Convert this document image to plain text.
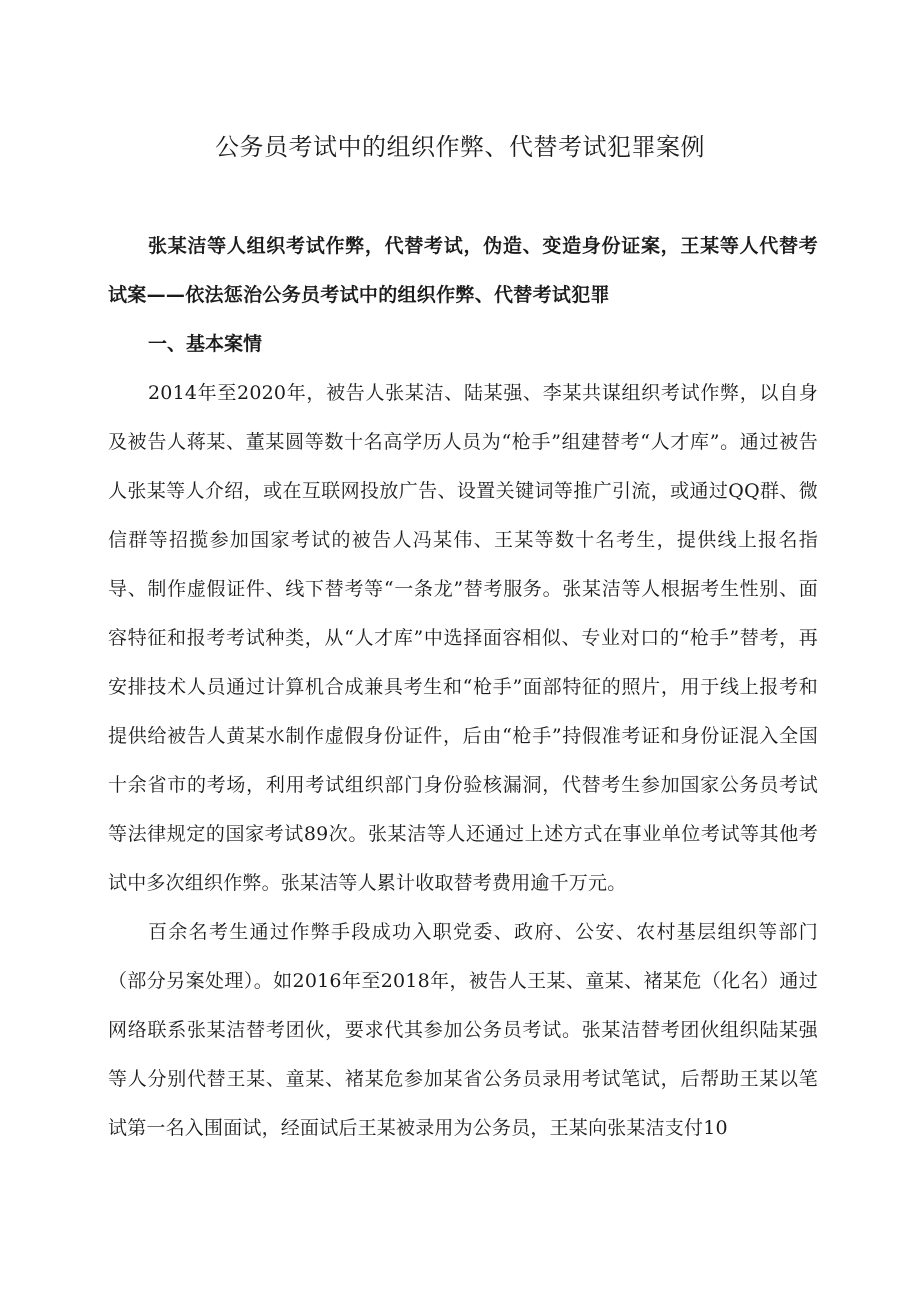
公务员考试中的组织作弊、代替考试犯罪案例

张某洁等人组织考试作弊，代替考试，伪造、变造身份证案，王某等人代替考试案——依法惩治公务员考试中的组织作弊、代替考试犯罪

一、基本案情

2014年至2020年，被告人张某洁、陆某强、李某共谋组织考试作弊，以自身及被告人蒋某、董某圆等数十名高学历人员为“枪手”组建替考“人才库”。通过被告人张某等人介绍，或在互联网投放广告、设置关键词等推广引流，或通过QQ群、微信群等招揽参加国家考试的被告人冯某伟、王某等数十名考生，提供线上报名指导、制作虚假证件、线下替考等“一条龙”替考服务。张某洁等人根据考生性别、面容特征和报考考试种类，从“人才库”中选择面容相似、专业对口的“枪手”替考，再安排技术人员通过计算机合成兼具考生和“枪手”面部特征的照片，用于线上报考和提供给被告人黄某水制作虚假身份证件，后由“枪手”持假准考证和身份证混入全国十余省市的考场，利用考试组织部门身份验核漏洞，代替考生参加国家公务员考试等法律规定的国家考试89次。张某洁等人还通过上述方式在事业单位考试等其他考试中多次组织作弊。张某洁等人累计收取替考费用逾千万元。

百余名考生通过作弊手段成功入职党委、政府、公安、农村基层组织等部门（部分另案处理）。如2016年至2018年，被告人王某、童某、褚某危（化名）通过网络联系张某洁替考团伙，要求代其参加公务员考试。张某洁替考团伙组织陆某强等人分别代替王某、童某、褚某危参加某省公务员录用考试笔试，后帮助王某以笔试第一名入围面试，经面试后王某被录用为公务员，王某向张某洁支付10
